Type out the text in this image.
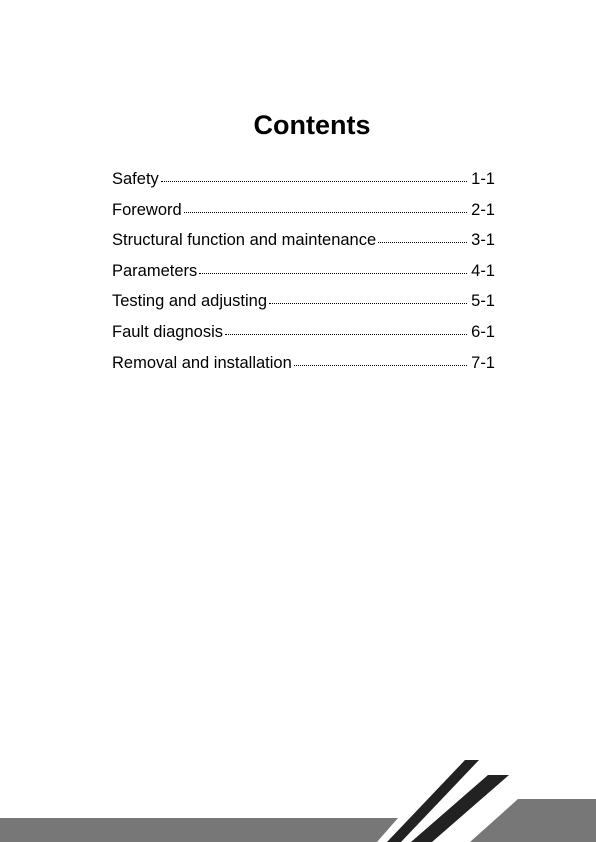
Contents
Safety	1-1
Foreword	2-1
Structural function and maintenance	3-1
Parameters	4-1
Testing and adjusting	5-1
Fault diagnosis	6-1
Removal and installation	7-1
